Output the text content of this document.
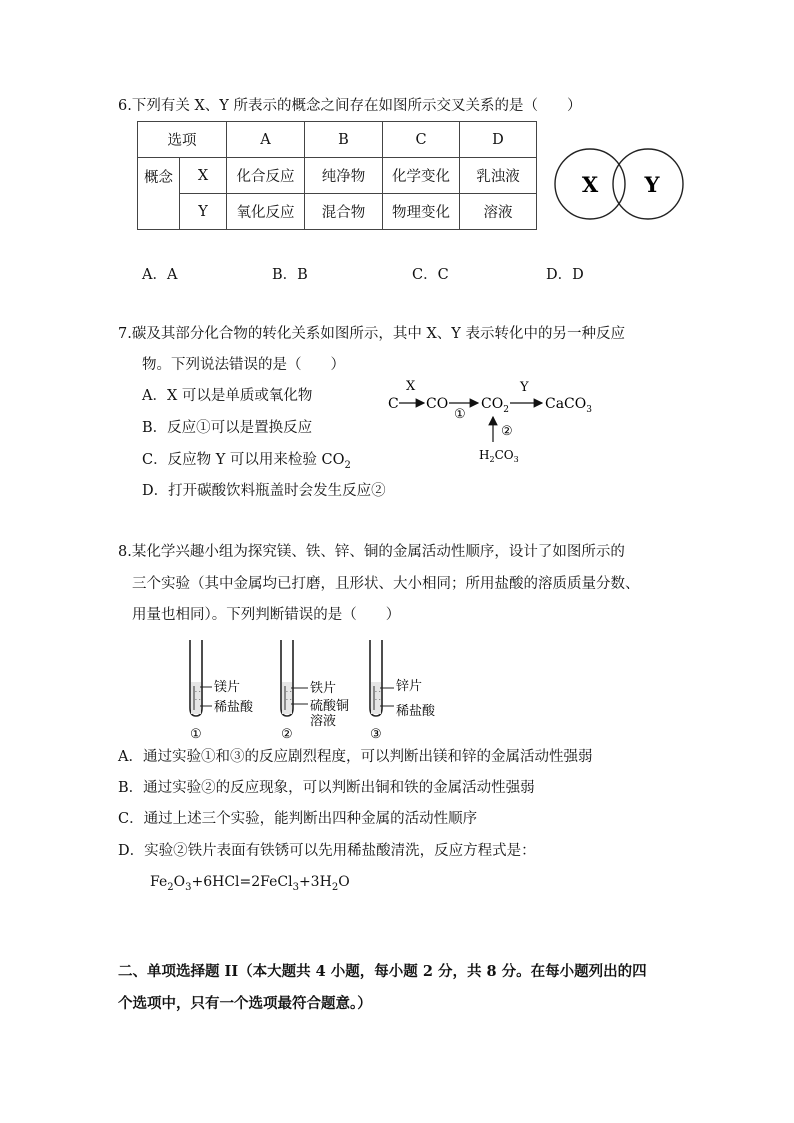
6.下列有关 X、Y 所表示的概念之间存在如图所示交叉关系的是（　　）
选项		A	B	C	D
概念	X	化合反应	纯净物	化学变化	乳浊液
	Y	氧化反应	混合物	物理变化	溶液
X Y
A．A	B．B	C．C	D．D
7.碳及其部分化合物的转化关系如图所示，其中 X、Y 表示转化中的另一种反应
物。下列说法错误的是（　　）
A．X 可以是单质或氧化物
B．反应①可以是置换反应
C．反应物 Y 可以用来检验 $CO_2$
D．打开碳酸饮料瓶盖时会发生反应②
C
X
CO
①
$CO_2$
Y
CaCO$_3$
②
$H_2CO_3$
8.某化学兴趣小组为探究镁、铁、锌、铜的金属活动性顺序，设计了如图所示的
三个实验（其中金属均已打磨，且形状、大小相同；所用盐酸的溶质质量分数、
用量也相同）。下列判断错误的是（　　）
· ·
· ·
镁片
稀盐酸
①
· ·
· ·
铁片
硫酸铜
溶液
②
· ·
· ·
锌片
稀盐酸
③
A．通过实验①和③的反应剧烈程度，可以判断出镁和锌的金属活动性强弱
B．通过实验②的反应现象，可以判断出铜和铁的金属活动性强弱
C．通过上述三个实验，能判断出四种金属的活动性顺序
D．实验②铁片表面有铁锈可以先用稀盐酸清洗，反应方程式是：
$Fe_2O_3+6HCl=2FeCl_3+3H_2O$
二、单项选择题 II（本大题共 4 小题，每小题 2 分，共 8 分。在每小题列出的四
个选项中，只有一个选项最符合题意。）
